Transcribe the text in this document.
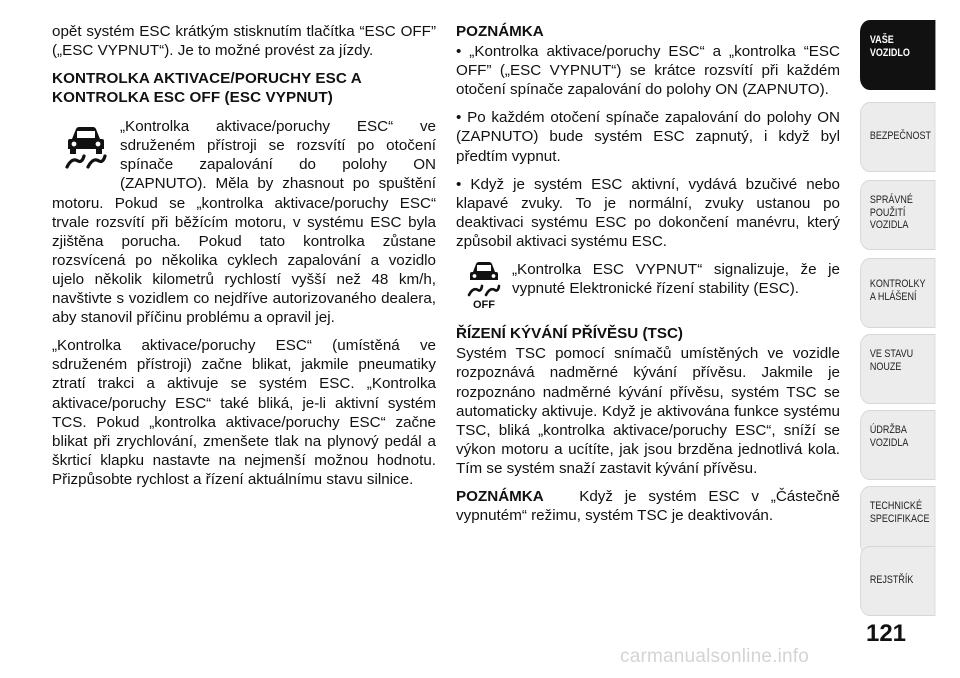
opět systém ESC krátkým stisknutím tlačítka “ESC OFF” („ESC VYPNUT“). Je to možné provést za jízdy.

KONTROLKA AKTIVACE/PORUCHY ESC A
KONTROLKA ESC OFF (ESC VYPNUT)

„Kontrolka aktivace/poruchy ESC“ ve sdruženém přístroji se rozsvítí po otočení spínače zapalování do polohy ON (ZAPNUTO). Měla by zhasnout po spuštění motoru. Pokud se „kontrolka aktivace/poruchy ESC“ trvale rozsvítí při běžícím motoru, v systému ESC byla zjištěna porucha. Pokud tato kontrolka zůstane rozsvícená po několika cyklech zapalování a vozidlo ujelo několik kilometrů rychlostí vyšší než 48 km/h, navštivte s vozidlem co nejdříve autorizovaného dealera, aby stanovil příčinu problému a opravil jej.

„Kontrolka aktivace/poruchy ESC“ (umístěná ve sdruženém přístroji) začne blikat, jakmile pneumatiky ztratí trakci a aktivuje se systém ESC. „Kontrolka aktivace/poruchy ESC“ také bliká, je-li aktivní systém TCS. Pokud „kontrolka aktivace/poruchy ESC“ začne blikat při zrychlování, zmenšete tlak na plynový pedál a škrticí klapku nastavte na nejmenší možnou hodnotu. Přizpůsobte rychlost a řízení aktuálnímu stavu silnice.

POZNÁMKA

• „Kontrolka aktivace/poruchy ESC“ a „kontrolka “ESC OFF” („ESC VYPNUT“) se krátce rozsvítí při každém otočení spínače zapalování do polohy ON (ZAPNUTO).

• Po každém otočení spínače zapalování do polohy ON (ZAPNUTO) bude systém ESC zapnutý, i když byl předtím vypnut.

• Když je systém ESC aktivní, vydává bzučivé nebo klapavé zvuky. To je normální, zvuky ustanou po deaktivaci systému ESC po dokončení manévru, který způsobil aktivaci systému ESC.

OFF

„Kontrolka ESC VYPNUT“ signalizuje, že je vypnuté Elektronické řízení stability (ESC).

ŘÍZENÍ KÝVÁNÍ PŘÍVĚSU (TSC)

Systém TSC pomocí snímačů umístěných ve vozidle rozpoznává nadměrné kývání přívěsu. Jakmile je rozpoznáno nadměrné kývání přívěsu, systém TSC se automaticky aktivuje. Když je aktivována funkce systému TSC, bliká „kontrolka aktivace/poruchy ESC“, sníží se výkon motoru a ucítíte, jak jsou brzděna jednotlivá kola. Tím se systém snaží zastavit kývání přívěsu.

POZNÁMKA Když je systém ESC v „Částečně vypnutém“ režimu, systém TSC je deaktivován.

VAŠE
VOZIDLO
BEZPEČNOST
SPRÁVNÉ
POUŽITÍ
VOZIDLA
KONTROLKY
A HLÁŠENÍ
VE STAVU
NOUZE
ÚDRŽBA
VOZIDLA
TECHNICKÉ
SPECIFIKACE
REJSTŘÍK
121
carmanualsonline.info
